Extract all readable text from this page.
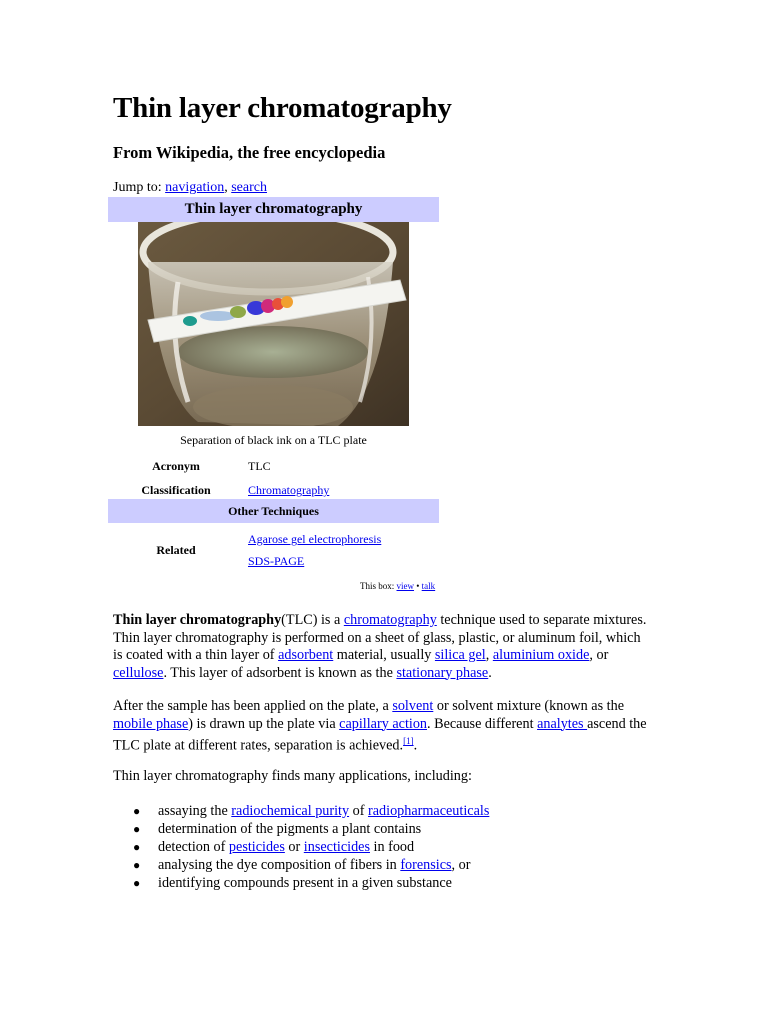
Thin layer chromatography
From Wikipedia, the free encyclopedia
Jump to: navigation, search
Thin layer chromatography
Separation of black ink on a TLC plate
Acronym	TLC
Classification	Chromatography
Other Techniques
Related
Agarose gel electrophoresis
SDS-PAGE
This box: view • talk
Thin layer chromatography(TLC) is a chromatography technique used to separate mixtures. Thin layer chromatography is performed on a sheet of glass, plastic, or aluminum foil, which is coated with a thin layer of adsorbent material, usually silica gel, aluminium oxide, or cellulose. This layer of adsorbent is known as the stationary phase.
After the sample has been applied on the plate, a solvent or solvent mixture (known as the mobile phase) is drawn up the plate via capillary action. Because different analytes ascend the TLC plate at different rates, separation is achieved.[1].
Thin layer chromatography finds many applications, including:
● assaying the radiochemical purity of radiopharmaceuticals
● determination of the pigments a plant contains
● detection of pesticides or insecticides in food
● analysing the dye composition of fibers in forensics, or
● identifying compounds present in a given substance
